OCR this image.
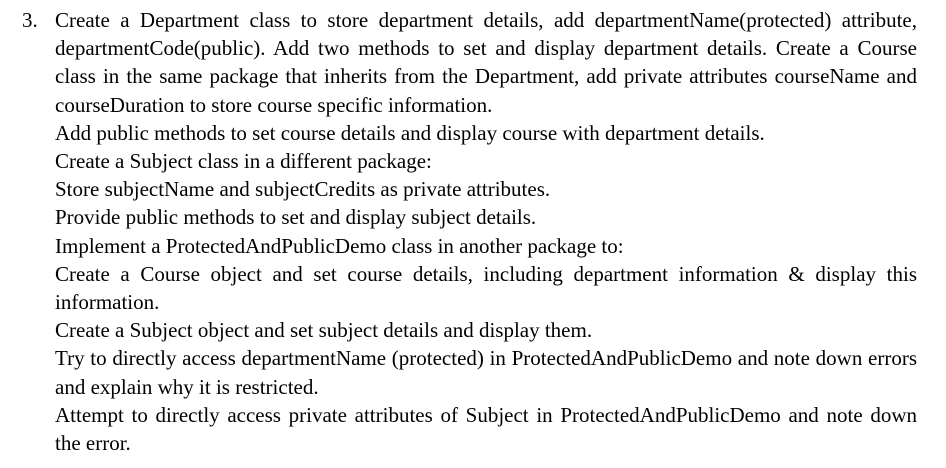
3. Create a Department class to store department details, add departmentName(protected) attribute, departmentCode(public). Add two methods to set and display department details. Create a Course class in the same package that inherits from the Department, add private attributes courseName and courseDuration to store course specific information.

Add public methods to set course details and display course with department details.

Create a Subject class in a different package:

Store subjectName and subjectCredits as private attributes.

Provide public methods to set and display subject details.

Implement a ProtectedAndPublicDemo class in another package to:

Create a Course object and set course details, including department information & display this information.

Create a Subject object and set subject details and display them.

Try to directly access departmentName (protected) in ProtectedAndPublicDemo and note down errors and explain why it is restricted.

Attempt to directly access private attributes of Subject in ProtectedAndPublicDemo and note down the error.
